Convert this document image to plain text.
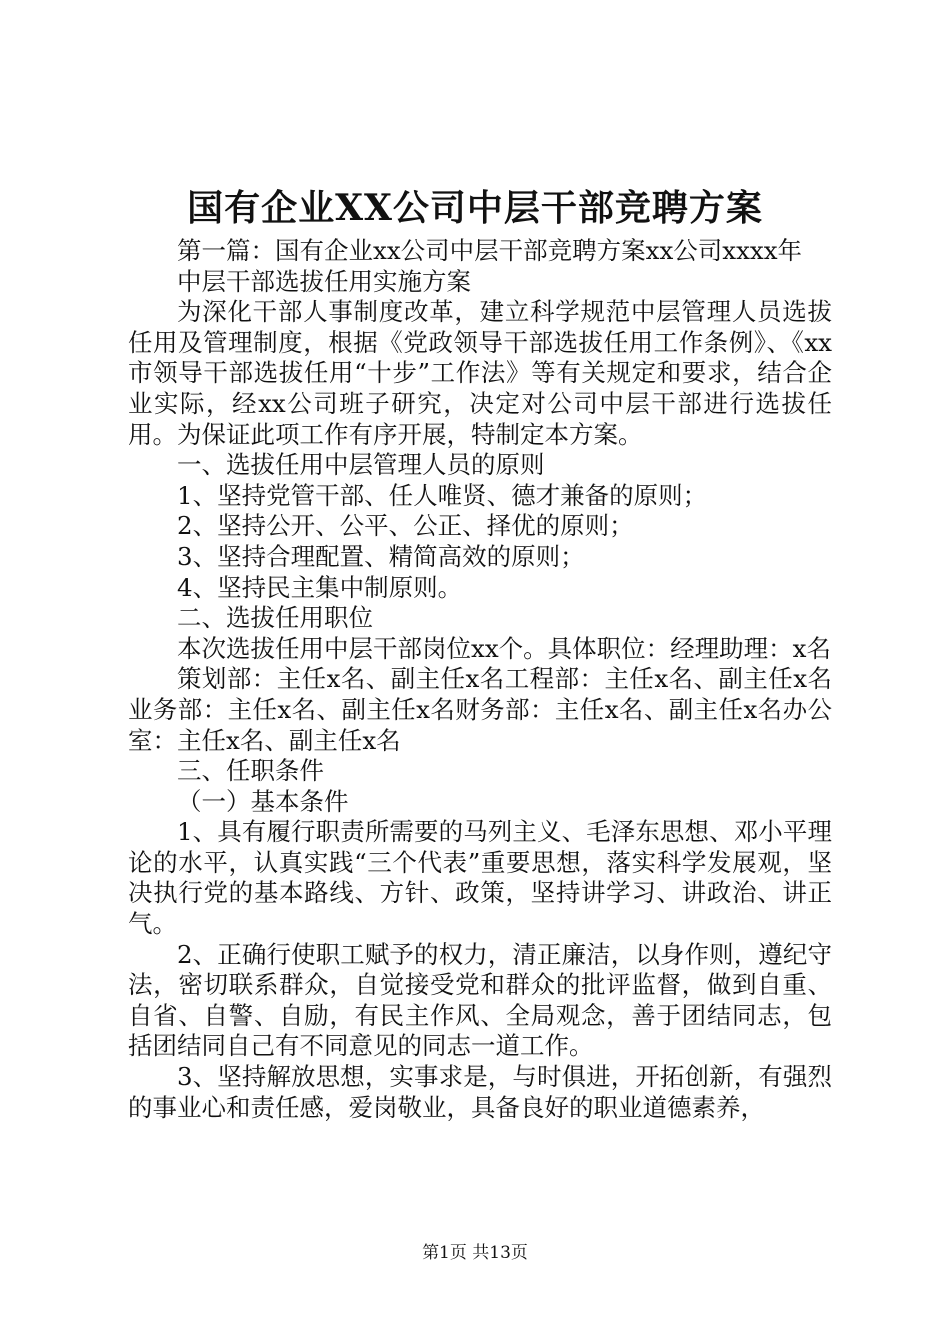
国有企业XX公司中层干部竞聘方案

第一篇：国有企业xx公司中层干部竞聘方案xx公司xxxx年

中层干部选拔任用实施方案

为深化干部人事制度改革，建立科学规范中层管理人员选拔任用及管理制度，根据《党政领导干部选拔任用工作条例》、《xx市领导干部选拔任用“十步”工作法》等有关规定和要求，结合企业实际，经xx公司班子研究，决定对公司中层干部进行选拔任用。为保证此项工作有序开展，特制定本方案。

一、选拔任用中层管理人员的原则

1、坚持党管干部、任人唯贤、德才兼备的原则；

2、坚持公开、公平、公正、择优的原则；

3、坚持合理配置、精简高效的原则；

4、坚持民主集中制原则。

二、选拔任用职位

本次选拔任用中层干部岗位xx个。具体职位：经理助理：x名

策划部：主任x名、副主任x名工程部：主任x名、副主任x名业务部：主任x名、副主任x名财务部：主任x名、副主任x名办公室：主任x名、副主任x名

三、任职条件

（一）基本条件

1、具有履行职责所需要的马列主义、毛泽东思想、邓小平理论的水平，认真实践“三个代表”重要思想，落实科学发展观，坚决执行党的基本路线、方针、政策，坚持讲学习、讲政治、讲正气。

2、正确行使职工赋予的权力，清正廉洁，以身作则，遵纪守法，密切联系群众，自觉接受党和群众的批评监督，做到自重、自省、自警、自励，有民主作风、全局观念，善于团结同志，包括团结同自己有不同意见的同志一道工作。

3、坚持解放思想，实事求是，与时俱进，开拓创新，有强烈的事业心和责任感，爱岗敬业，具备良好的职业道德素养，

第1页 共13页
